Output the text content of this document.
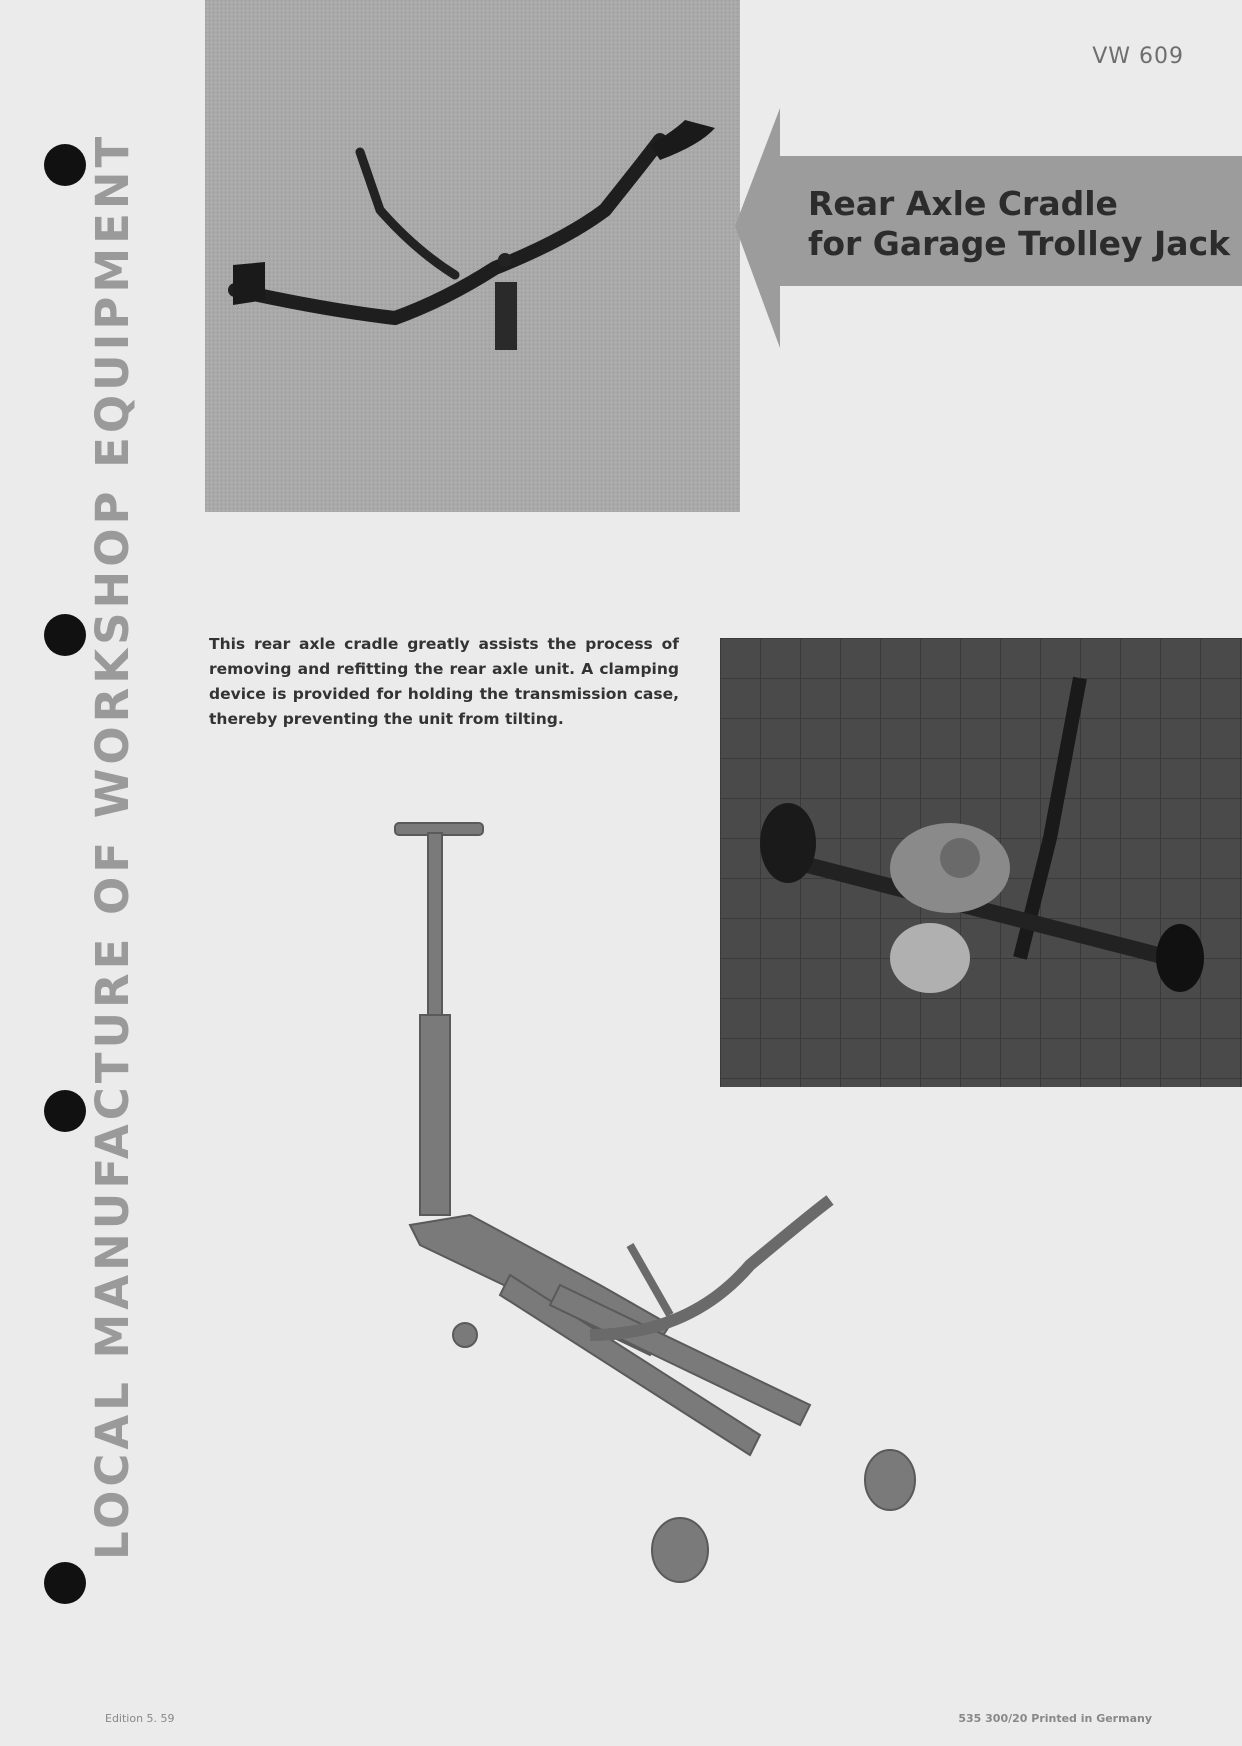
VW 609
LOCAL MANUFACTURE OF WORKSHOP EQUIPMENT	Rear Axle Cradle
for Garage Trolley Jack
This rear axle cradle greatly assists the process of removing and refitting the rear axle unit. A clamping device is provided for holding the transmission case, thereby preventing the unit from tilting.
Edition 5. 59	535 300/20 Printed in Germany
